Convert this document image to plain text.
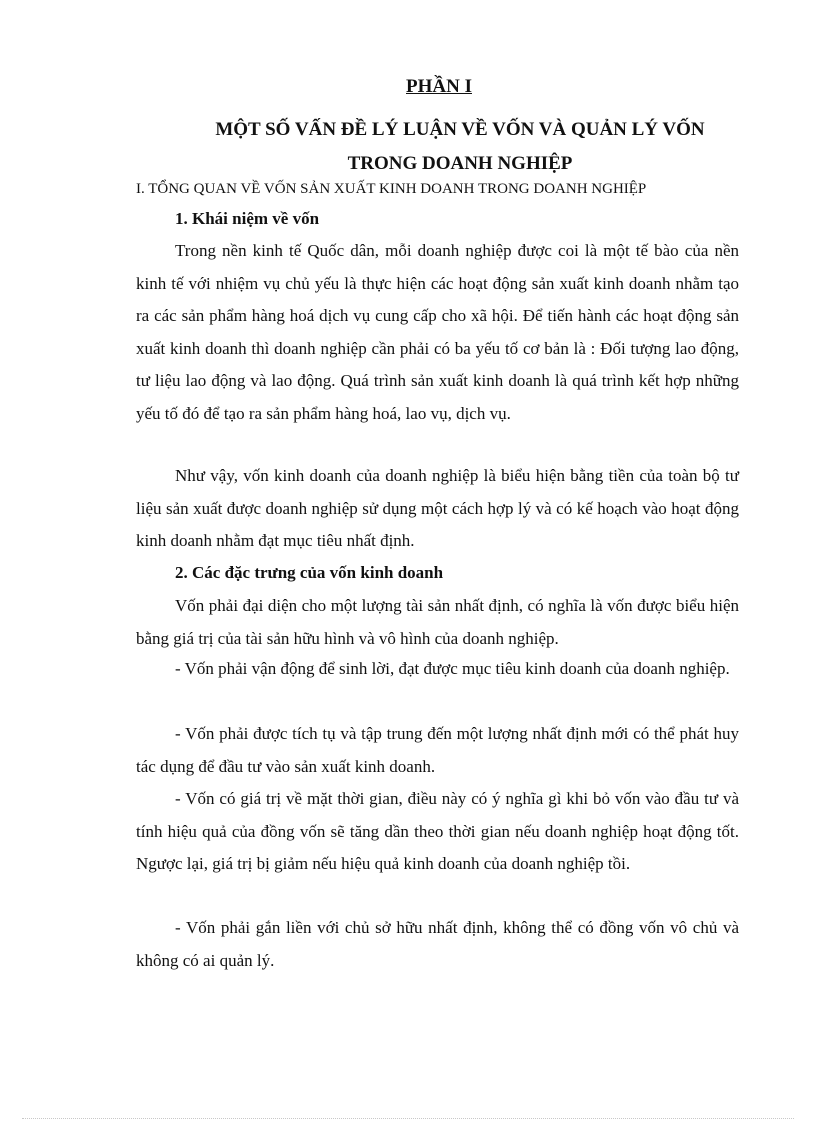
PHẦN I
MỘT SỐ VẤN ĐỀ LÝ LUẬN VỀ VỐN VÀ QUẢN LÝ VỐN
TRONG DOANH NGHIỆP
I. TỔNG QUAN VỀ VỐN SẢN XUẤT KINH DOANH TRONG DOANH NGHIỆP
1. Khái niệm về vốn

Trong nền kinh tế Quốc dân, mỗi doanh nghiệp được coi là một tế bào của nền kinh tế với nhiệm vụ chủ yếu là thực hiện các hoạt động sản xuất kinh doanh nhằm tạo ra các sản phẩm hàng hoá dịch vụ cung cấp cho xã hội. Để tiến hành các hoạt động sản xuất kinh doanh thì doanh nghiệp cần phải có ba yếu tố cơ bản là : Đối tượng lao động, tư liệu lao động và lao động. Quá trình sản xuất kinh doanh là quá trình kết hợp những yếu tố đó để tạo ra sản phẩm hàng hoá, lao vụ, dịch vụ.

Như vậy, vốn kinh doanh của doanh nghiệp là biểu hiện bằng tiền của toàn bộ tư liệu sản xuất được doanh nghiệp sử dụng một cách hợp lý và có kế hoạch vào hoạt động kinh doanh nhằm đạt mục tiêu nhất định.

2. Các đặc trưng của vốn kinh doanh

Vốn phải đại diện cho một lượng tài sản nhất định, có nghĩa là vốn được biểu hiện bằng giá trị của tài sản hữu hình và vô hình của doanh nghiệp.

- Vốn phải vận động để sinh lời, đạt được mục tiêu kinh doanh của doanh nghiệp.

- Vốn phải được tích tụ và tập trung đến một lượng nhất định mới có thể phát huy tác dụng để đầu tư vào sản xuất kinh doanh.

- Vốn có giá trị về mặt thời gian, điều này có ý nghĩa gì khi bỏ vốn vào đầu tư và tính hiệu quả của đồng vốn sẽ tăng dần theo thời gian nếu doanh nghiệp hoạt động tốt. Ngược lại, giá trị bị giảm nếu hiệu quả kinh doanh của doanh nghiệp tồi.

- Vốn phải gắn liền với chủ sở hữu nhất định, không thể có đồng vốn vô chủ và không có ai quản lý.
